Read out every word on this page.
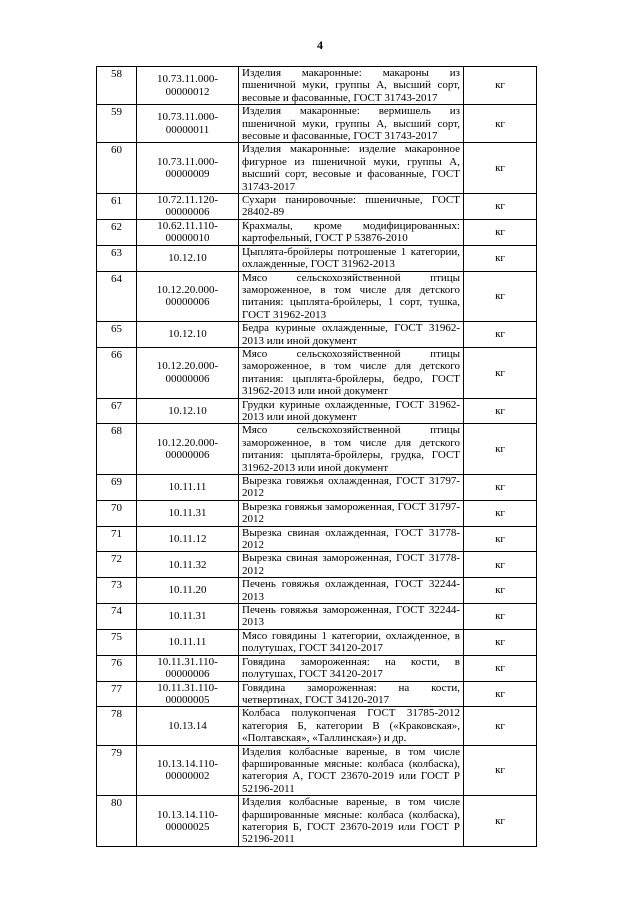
4
58	10.73.11.000-00000012	Изделия макаронные: макароны из пшеничной муки, группы А, высший сорт, весовые и фасованные, ГОСТ 31743-2017	кг
59	10.73.11.000-00000011	Изделия макаронные: вермишель из пшеничной муки, группы А, высший сорт, весовые и фасованные, ГОСТ 31743-2017	кг
60	10.73.11.000-00000009	Изделия макаронные: изделие макаронное фигурное из пшеничной муки, группы А, высший сорт, весовые и фасованные, ГОСТ 31743-2017	кг
61	10.72.11.120-00000006	Сухари панировочные: пшеничные, ГОСТ 28402-89	кг
62	10.62.11.110-00000010	Крахмалы, кроме модифицированных: картофельный, ГОСТ Р 53876-2010	кг
63	10.12.10	Цыплята-бройлеры потрошеные 1 категории, охлажденные, ГОСТ 31962-2013	кг
64	10.12.20.000-00000006	Мясо сельскохозяйственной птицы замороженное, в том числе для детского питания: цыплята-бройлеры, 1 сорт, тушка, ГОСТ 31962-2013	кг
65	10.12.10	Бедра куриные охлажденные, ГОСТ 31962-2013 или иной документ	кг
66	10.12.20.000-00000006	Мясо сельскохозяйственной птицы замороженное, в том числе для детского питания: цыплята-бройлеры, бедро, ГОСТ 31962-2013 или иной документ	кг
67	10.12.10	Грудки куриные охлажденные, ГОСТ 31962-2013 или иной документ	кг
68	10.12.20.000-00000006	Мясо сельскохозяйственной птицы замороженное, в том числе для детского питания: цыплята-бройлеры, грудка, ГОСТ 31962-2013 или иной документ	кг
69	10.11.11	Вырезка говяжья охлажденная, ГОСТ 31797-2012	кг
70	10.11.31	Вырезка говяжья замороженная, ГОСТ 31797-2012	кг
71	10.11.12	Вырезка свиная охлажденная, ГОСТ 31778-2012	кг
72	10.11.32	Вырезка свиная замороженная, ГОСТ 31778-2012	кг
73	10.11.20	Печень говяжья охлажденная, ГОСТ 32244-2013	кг
74	10.11.31	Печень говяжья замороженная, ГОСТ 32244-2013	кг
75	10.11.11	Мясо говядины 1 категории, охлажденное, в полутушах, ГОСТ 34120-2017	кг
76	10.11.31.110-00000006	Говядина замороженная: на кости, в полутушах, ГОСТ 34120-2017	кг
77	10.11.31.110-00000005	Говядина замороженная: на кости, четвертинах, ГОСТ 34120-2017	кг
78	10.13.14	Колбаса полукопченая ГОСТ 31785-2012 категория Б, категории В («Краковская», «Полтавская», «Таллинская») и др.	кг
79	10.13.14.110-00000002	Изделия колбасные вареные, в том числе фаршированные мясные: колбаса (колбаска), категория А, ГОСТ 23670-2019 или ГОСТ Р 52196-2011	кг
80	10.13.14.110-00000025	Изделия колбасные вареные, в том числе фаршированные мясные: колбаса (колбаска), категория Б, ГОСТ 23670-2019 или ГОСТ Р 52196-2011	кг
